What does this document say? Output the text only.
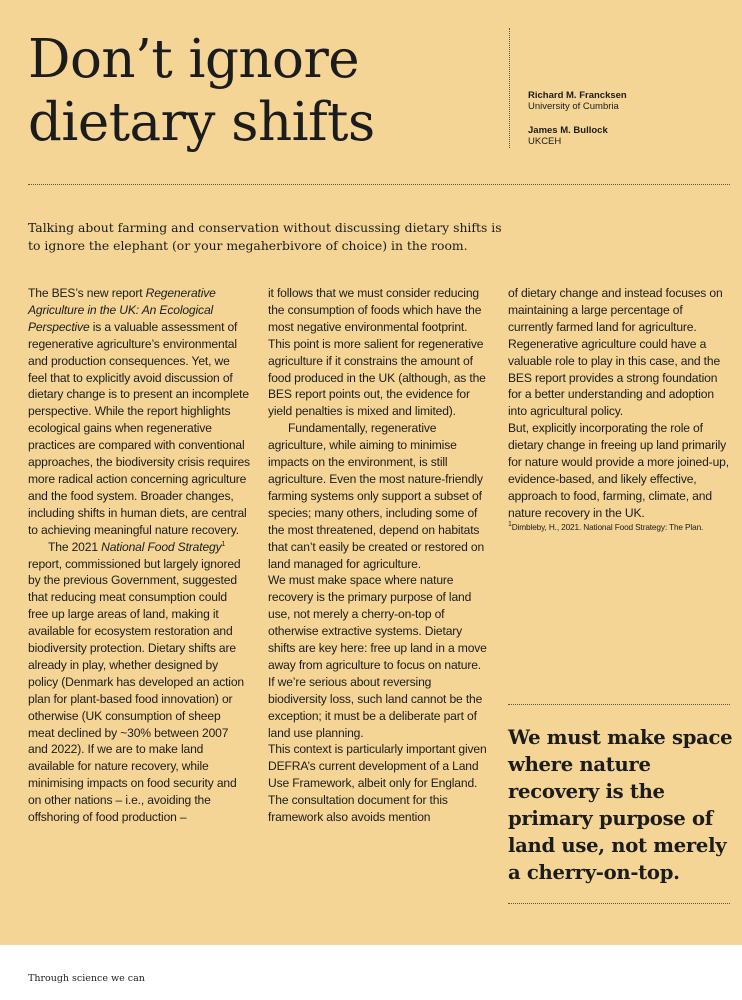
Don’t ignore
dietary shifts	Richard M. Francksen
University of Cumbria
James M. Bullock
UKCEH

Talking about farming and conservation without discussing dietary shifts is to ignore the elephant (or your megaherbivore of choice) in the room.

The BES’s new report Regenerative Agriculture in the UK: An Ecological Perspective is a valuable assessment of regenerative agriculture’s environmental and production consequences. Yet, we feel that to explicitly avoid discussion of dietary change is to present an incomplete perspective. While the report highlights ecological gains when regenerative practices are compared with conventional approaches, the biodiversity crisis requires more radical action concerning agriculture and the food system. Broader changes, including shifts in human diets, are central to achieving meaningful nature recovery.

The 2021 National Food Strategy$^1$ report, commissioned but largely ignored by the previous Government, suggested that reducing meat consumption could free up large areas of land, making it available for ecosystem restoration and biodiversity protection. Dietary shifts are already in play, whether designed by policy (Denmark has developed an action plan for plant-based food innovation) or otherwise (UK consumption of sheep meat declined by ~30% between 2007 and 2022). If we are to make land available for nature recovery, while minimising impacts on food security and on other nations – i.e., avoiding the offshoring of food production –

it follows that we must consider reducing the consumption of foods which have the most negative environmental footprint. This point is more salient for regenerative agriculture if it constrains the amount of food produced in the UK (although, as the BES report points out, the evidence for yield penalties is mixed and limited).

Fundamentally, regenerative agriculture, while aiming to minimise impacts on the environment, is still agriculture. Even the most nature-friendly farming systems only support a subset of species; many others, including some of the most threatened, depend on habitats that can’t easily be created or restored on land managed for agriculture.

We must make space where nature recovery is the primary purpose of land use, not merely a cherry-on-top of otherwise extractive systems. Dietary shifts are key here: free up land in a move away from agriculture to focus on nature. If we’re serious about reversing biodiversity loss, such land cannot be the exception; it must be a deliberate part of land use planning.

This context is particularly important given DEFRA’s current development of a Land Use Framework, albeit only for England. The consultation document for this framework also avoids mention

of dietary change and instead focuses on maintaining a large percentage of currently farmed land for agriculture. Regenerative agriculture could have a valuable role to play in this case, and the BES report provides a strong foundation for a better understanding and adoption into agricultural policy.

But, explicitly incorporating the role of dietary change in freeing up land primarily for nature would provide a more joined-up, evidence-based, and likely effective, approach to food, farming, climate, and nature recovery in the UK.

$^1$Dimbleby, H., 2021. National Food Strategy: The Plan.

We must make space where nature recovery is the primary purpose of land use, not merely a cherry-on-top.

Through science we can
